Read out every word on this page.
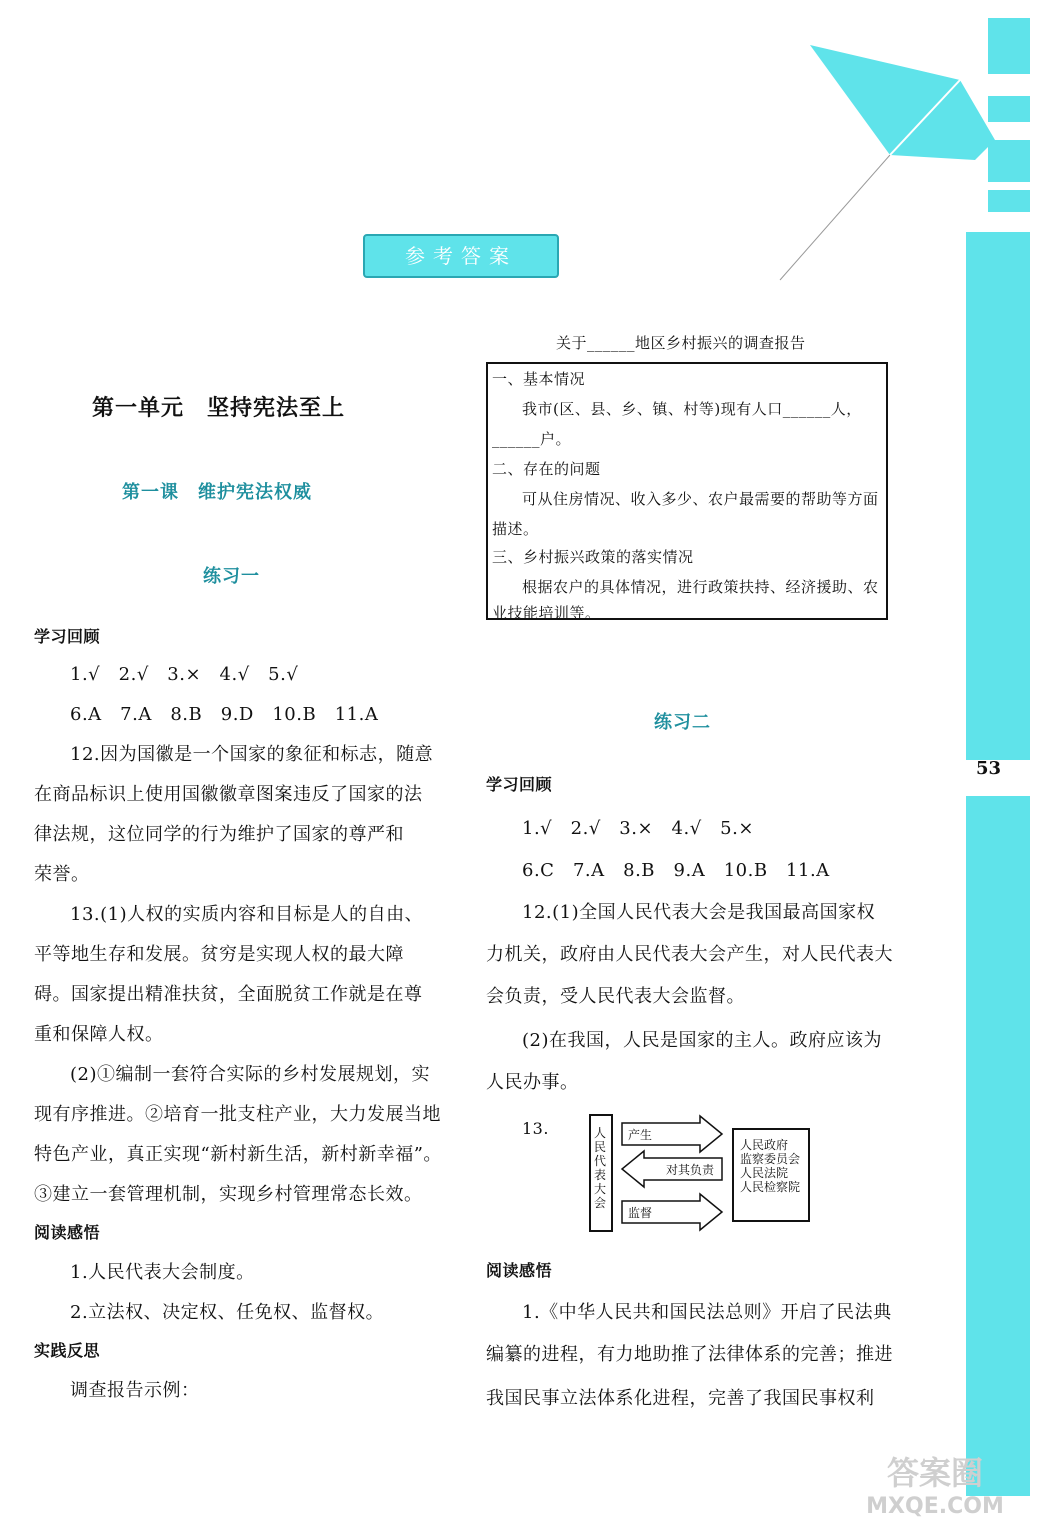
53
参考答案
第一单元　坚持宪法至上
第一课　维护宪法权威
练习一
学习回顾
1.√　2.√　3.×　4.√　5.√
6.A　7.A　8.B　9.D　10.B　11.A
12.因为国徽是一个国家的象征和标志，随意
在商品标识上使用国徽徽章图案违反了国家的法
律法规，这位同学的行为维护了国家的尊严和
荣誉。
13.(1)人权的实质内容和目标是人的自由、
平等地生存和发展。贫穷是实现人权的最大障
碍。国家提出精准扶贫，全面脱贫工作就是在尊
重和保障人权。
(2)①编制一套符合实际的乡村发展规划，实
现有序推进。②培育一批支柱产业，大力发展当地
特色产业，真正实现“新村新生活，新村新幸福”。
③建立一套管理机制，实现乡村管理常态长效。
阅读感悟
1.人民代表大会制度。
2.立法权、决定权、任免权、监督权。
实践反思
调查报告示例：
关于______地区乡村振兴的调查报告
一、基本情况
我市(区、县、乡、镇、村等)现有人口______人，
______户。
二、存在的问题
可从住房情况、收入多少、农户最需要的帮助等方面
描述。
三、乡村振兴政策的落实情况
根据农户的具体情况，进行政策扶持、经济援助、农
业技能培训等。
练习二
学习回顾
1.√　2.√　3.×　4.√　5.×
6.C　7.A　8.B　9.A　10.B　11.A
12.(1)全国人民代表大会是我国最高国家权
力机关，政府由人民代表大会产生，对人民代表大
会负责，受人民代表大会监督。
(2)在我国，人民是国家的主人。政府应该为
人民办事。
13.	人民代表大会
产生
对其负责
监督
人民政府
监察委员会
人民法院
人民检察院
阅读感悟
1.《中华人民共和国民法总则》开启了民法典
编纂的进程，有力地助推了法律体系的完善；推进
我国民事立法体系化进程，完善了我国民事权利
答案圈
MXQE.COM
